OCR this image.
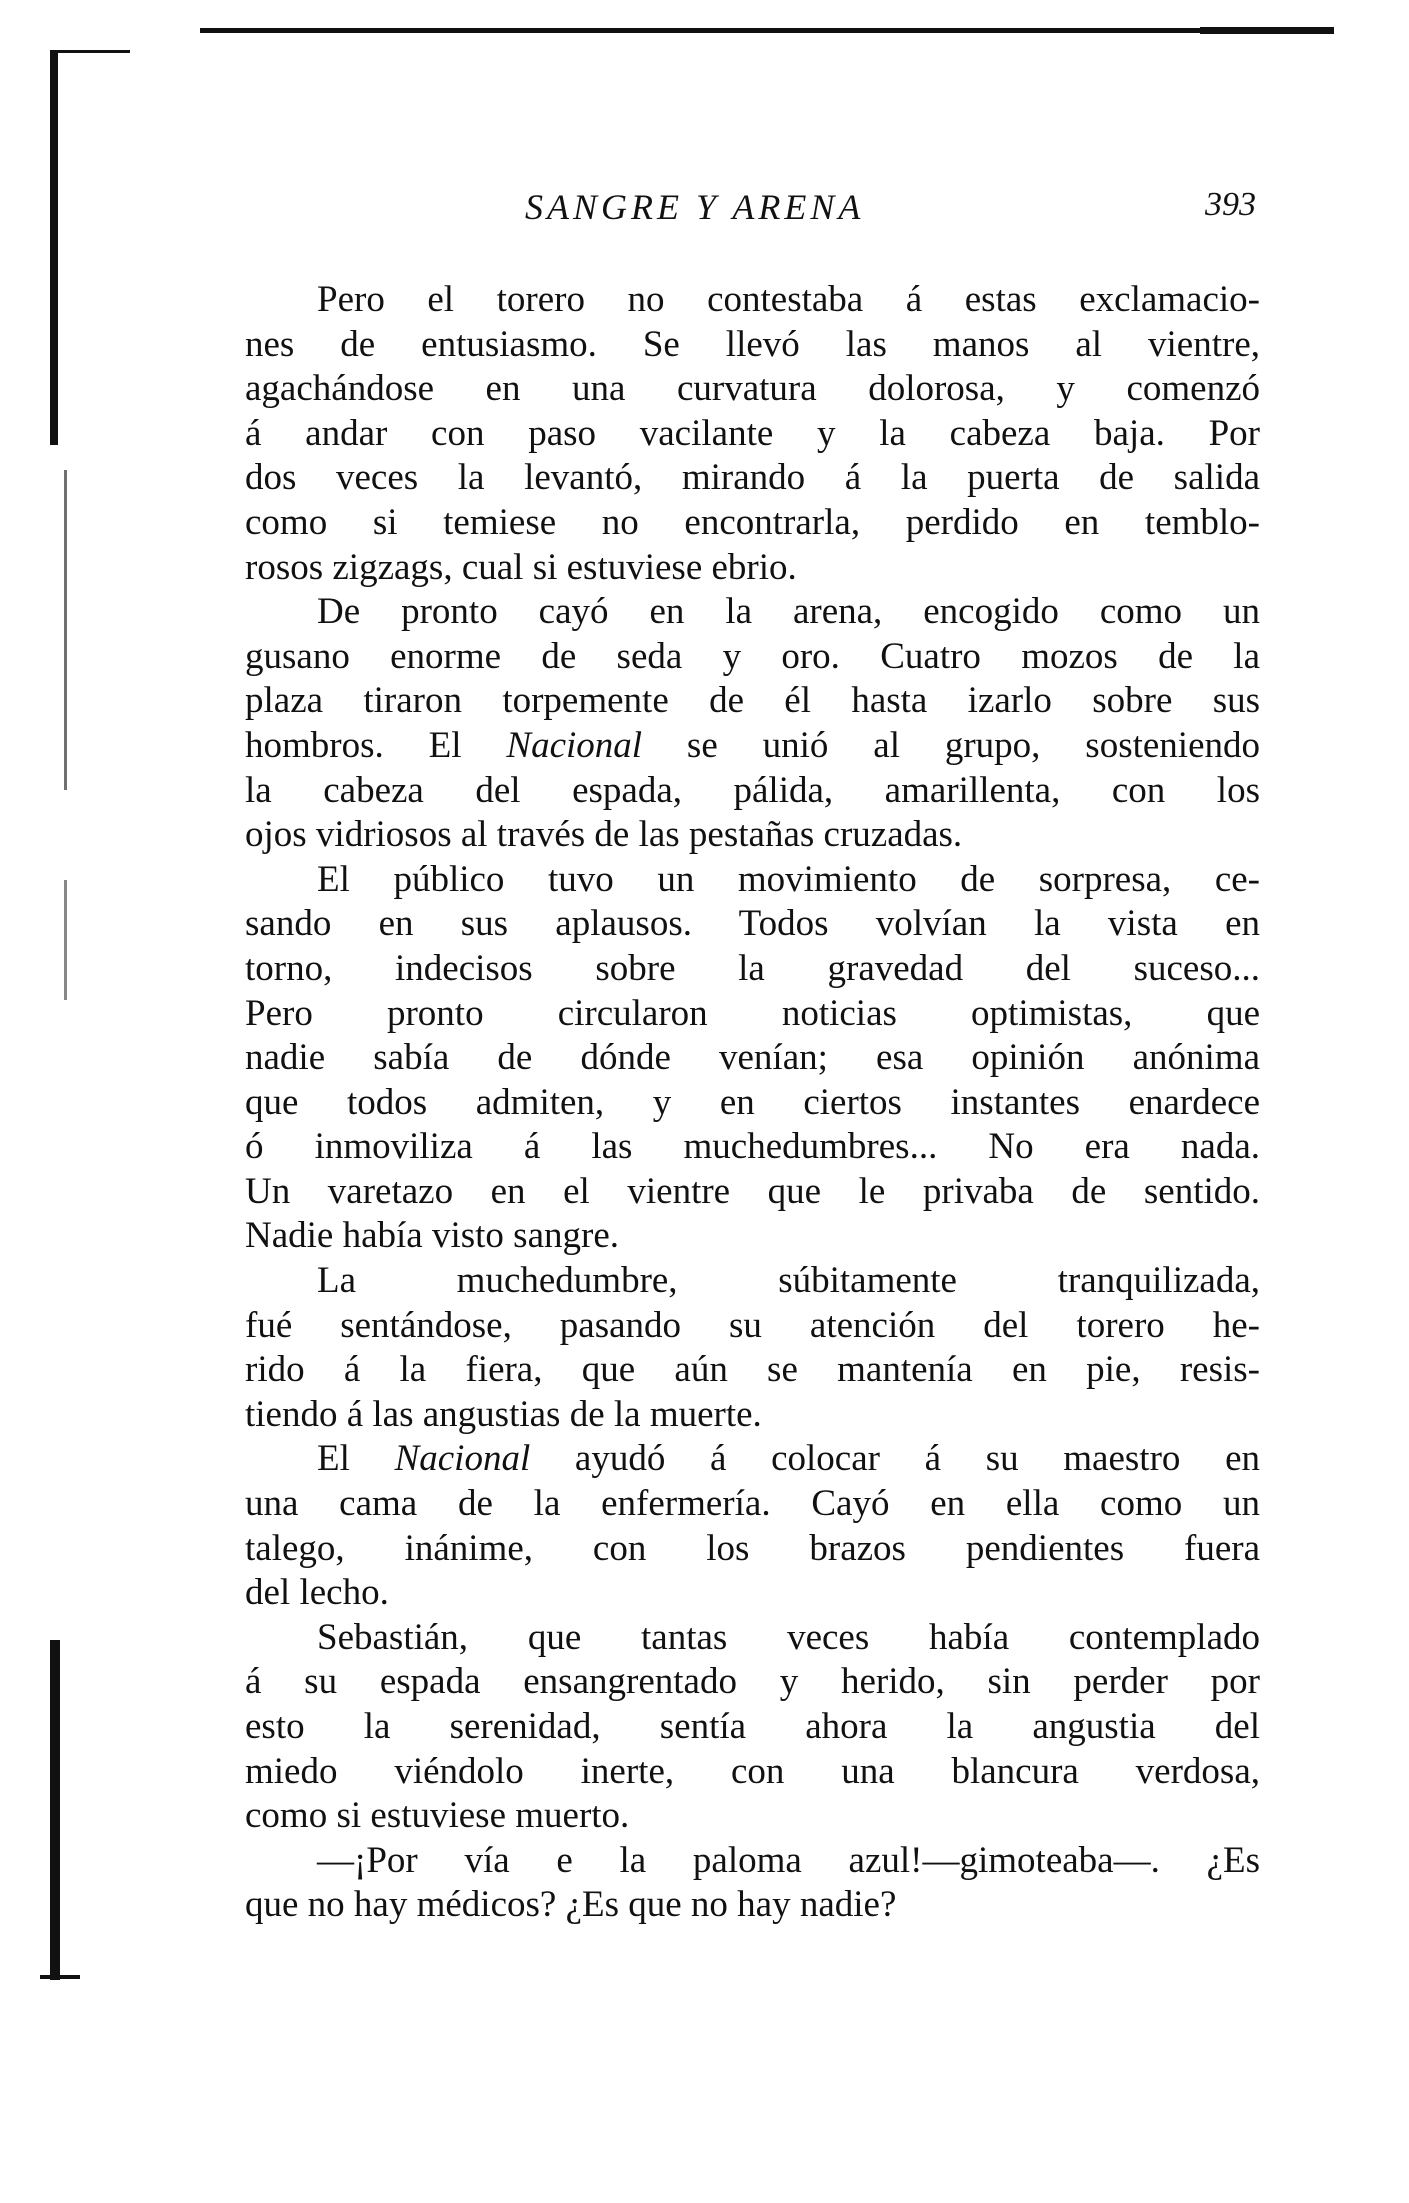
SANGRE Y ARENA	393
Pero el torero no contestaba á estas exclamacio-
nes de entusiasmo. Se llevó las manos al vientre,
agachándose en una curvatura dolorosa, y comenzó
á andar con paso vacilante y la cabeza baja. Por
dos veces la levantó, mirando á la puerta de salida
como si temiese no encontrarla, perdido en temblo-
rosos zigzags, cual si estuviese ebrio.
De pronto cayó en la arena, encogido como un
gusano enorme de seda y oro. Cuatro mozos de la
plaza tiraron torpemente de él hasta izarlo sobre sus
hombros. El Nacional se unió al grupo, sosteniendo
la cabeza del espada, pálida, amarillenta, con los
ojos vidriosos al través de las pestañas cruzadas.
El público tuvo un movimiento de sorpresa, ce-
sando en sus aplausos. Todos volvían la vista en
torno, indecisos sobre la gravedad del suceso...
Pero pronto circularon noticias optimistas, que
nadie sabía de dónde venían; esa opinión anónima
que todos admiten, y en ciertos instantes enardece
ó inmoviliza á las muchedumbres... No era nada.
Un varetazo en el vientre que le privaba de sentido.
Nadie había visto sangre.
La muchedumbre, súbitamente tranquilizada,
fué sentándose, pasando su atención del torero he-
rido á la fiera, que aún se mantenía en pie, resis-
tiendo á las angustias de la muerte.
El Nacional ayudó á colocar á su maestro en
una cama de la enfermería. Cayó en ella como un
talego, inánime, con los brazos pendientes fuera
del lecho.
Sebastián, que tantas veces había contemplado
á su espada ensangrentado y herido, sin perder por
esto la serenidad, sentía ahora la angustia del
miedo viéndolo inerte, con una blancura verdosa,
como si estuviese muerto.
—¡Por vía e la paloma azul!—gimoteaba—. ¿Es
que no hay médicos? ¿Es que no hay nadie?
